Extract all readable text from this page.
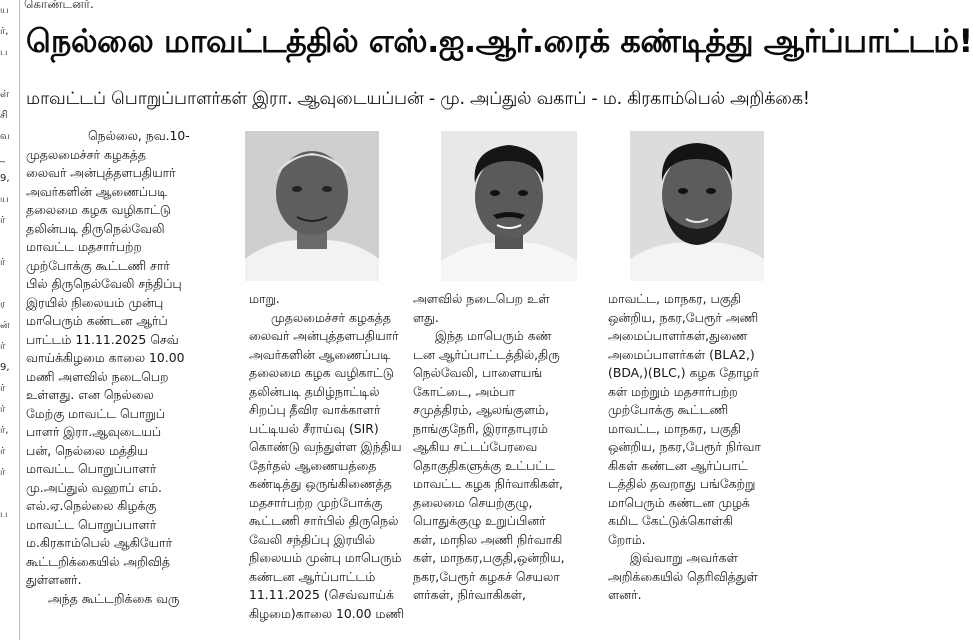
ய
ர்,
ப
ள்
சி
வ
_
9,
ய
ர்
ர்
ர
ன்
ர்
9,
ர்
ர்
ர்,
ர்
ர்
ப
கொண்டனர்.
நெல்லை மாவட்டத்தில் எஸ்.ஐ.ஆர்.ரைக் கண்டித்து ஆர்ப்பாட்டம்!
மாவட்டப் பொறுப்பாளர்கள் இரா. ஆவுடையப்பன் - மு. அப்துல் வகாப் - ம. கிரகாம்பெல் அறிக்கை!
நெல்லை, நவ.10-
முதலமைச்சர் கழகத்த
லைவர் அன்புத்தளபதியார்
அவர்களின் ஆணைப்படி
தலைமை கழக வழிகாட்டு
தலின்படி திருநெல்வேலி
மாவட்ட மதசார்பற்ற
முற்போக்கு கூட்டணி சார்
பில் திருநெல்வேலி சந்திப்பு
இரயில் நிலையம் முன்பு
மாபெரும் கண்டன ஆர்ப்
பாட்டம் 11.11.2025 செவ்
வாய்க்கிழமை காலை 10.00
மணி அளவில் நடைபெற
உள்ளது. என நெல்லை
மேற்கு மாவட்ட பொறுப்
பாளர் இரா.ஆவுடையப்
பன், நெல்லை மத்திய
மாவட்ட பொறுப்பாளர்
மு.அப்துல் வஹாப் எம்.
எல்.ஏ.நெல்லை கிழக்கு
மாவட்ட பொறுப்பாளர்
ம.கிரகாம்பெல் ஆகியோர்
கூட்டறிக்கையில் அறிவித்
துள்ளனர்.
அந்த கூட்டறிக்கை வரு
மாறு.
முதலமைச்சர் கழகத்த
லைவர் அன்புத்தளபதியார்
அவர்களின் ஆணைப்படி
தலைமை கழக வழிகாட்டு
தலின்படி தமிழ்நாட்டில்
சிறப்பு தீவிர வாக்காளர்
பட்டியல் சீராய்வு (SIR)
கொண்டு வந்துள்ள இந்திய
தேர்தல் ஆணையத்தை
கண்டித்து ஒருங்கிணைத்த
மதசார்பற்ற முற்போக்கு
கூட்டணி சார்பில் திருநெல்
வேலி சந்திப்பு இரயில்
நிலையம் முன்பு மாபெரும்
கண்டன ஆர்ப்பாட்டம்
11.11.2025 (செவ்வாய்க்
கிழமை)காலை 10.00 மணி
அளவில் நடைபெற உள்
ளது.
இந்த மாபெரும் கண்
டன ஆர்ப்பாட்டத்தில்,திரு
நெல்வேலி, பாளையங்
கோட்டை, அம்பா
சமுத்திரம், ஆலங்குளம்,
நாங்குநேரி, இராதாபுரம்
ஆகிய சட்டப்பேரவை
தொகுதிகளுக்கு உட்பட்ட
மாவட்ட கழக நிர்வாகிகள்,
தலைமை செயற்குழு,
பொதுக்குழு உறுப்பினர்
கள், மாநில அணி நிர்வாகி
கள், மாநகர,பகுதி,ஒன்றிய,
நகர,பேரூர் கழகச் செயலா
ளர்கள், நிர்வாகிகள்,
மாவட்ட, மாநகர, பகுதி
ஒன்றிய, நகர,பேரூர் அணி
அமைப்பாளர்கள்,துணை
அமைப்பாளர்கள் (BLA2,)
(BDA,)(BLC,) கழக தோழர்
கள் மற்றும் மதசார்பற்ற
முற்போக்கு கூட்டணி
மாவட்ட, மாநகர, பகுதி
ஒன்றிய, நகர,பேரூர் நிர்வா
கிகள் கண்டன ஆர்ப்பாட்
டத்தில் தவறாது பங்கேற்று
மாபெரும் கண்டன முழக்
கமிட கேட்டுக்கொள்கி
றோம்.
இவ்வாறு அவர்கள்
அறிக்கையில் தெரிவித்துள்
ளனர்.
